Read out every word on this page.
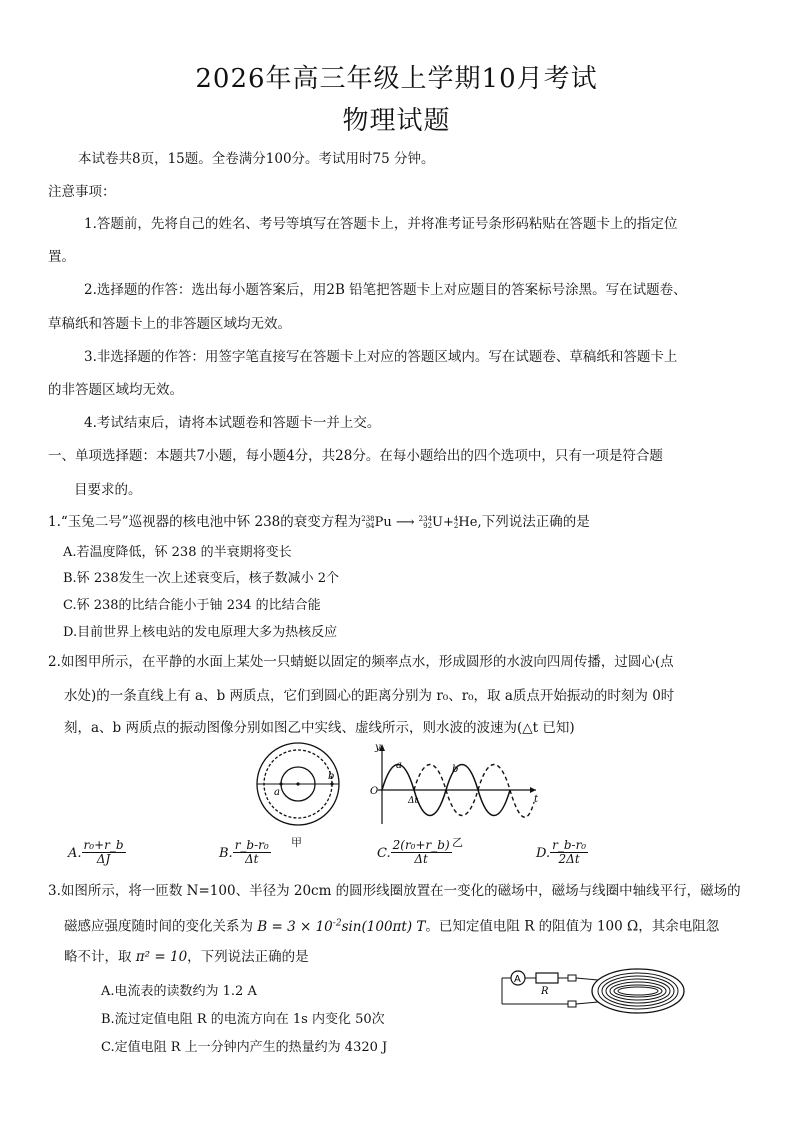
2026年高三年级上学期10月考试
物理试题
本试卷共8页，15题。全卷满分100分。考试用时75 分钟。
注意事项：
1.答题前，先将自己的姓名、考号等填写在答题卡上，并将准考证号条形码粘贴在答题卡上的指定位
置。
2.选择题的作答：选出每小题答案后，用2B 铅笔把答题卡上对应题目的答案标号涂黑。写在试题卷、
草稿纸和答题卡上的非答题区域均无效。
3.非选择题的作答：用签字笔直接写在答题卡上对应的答题区域内。写在试题卷、草稿纸和答题卡上
的非答题区域均无效。
4.考试结束后，请将本试题卷和答题卡一并上交。
一、单项选择题：本题共7小题，每小题4分，共28分。在每小题给出的四个选项中，只有一项是符合题
目要求的。
1.“玉兔二号”巡视器的核电池中钚 238的衰变方程为 238
94 Pu ⟶ 234
92 U+ 4
2 He,下列说法正确的是
A.若温度降低，钚 238 的半衰期将变长
B.钚 238发生一次上述衰变后，核子数减小 2个
C.钚 238的比结合能小于铀 234 的比结合能
D.目前世界上核电站的发电原理大多为热核反应
2.如图甲所示，在平静的水面上某处一只蜻蜓以固定的频率点水，形成圆形的水波向四周传播，过圆心(点
水处)的一条直线上有 a、b 两质点，它们到圆心的距离分别为 r₀、r₀，取 a质点开始振动的时刻为 0时
刻，a、b 两质点的振动图像分别如图乙中实线、虚线所示，则水波的波速为(△t 已知)
a
b
甲
y
O
t
a	b
Δt
乙
A. $\frac{\text{r₀+r\_b}}{\Delta J}$	B. $\frac{\text{r\_b-r₀}}{\Delta t}$	C. $\frac{\text{2(r₀+r\_b)}}{\Delta t}$	D. $\frac{\text{r\_b-r₀}}{2\Delta t}$
3.如图所示，将一匝数 N=100、半径为 20cm 的圆形线圈放置在一变化的磁场中，磁场与线圈中轴线平行，磁场的
磁感应强度随时间的变化关系为 $B = 3 \times 10^{-2}\sin(100\pi t)$ T。已知定值电阻 R 的阻值为 100 Ω，其余电阻忽
略不计，取 π² = 10，下列说法正确的是
A.电流表的读数约为 1.2 A
B.流过定值电阻 R 的电流方向在 1s 内变化 50次
C.定值电阻 R 上一分钟内产生的热量约为 4320 J
A
R
